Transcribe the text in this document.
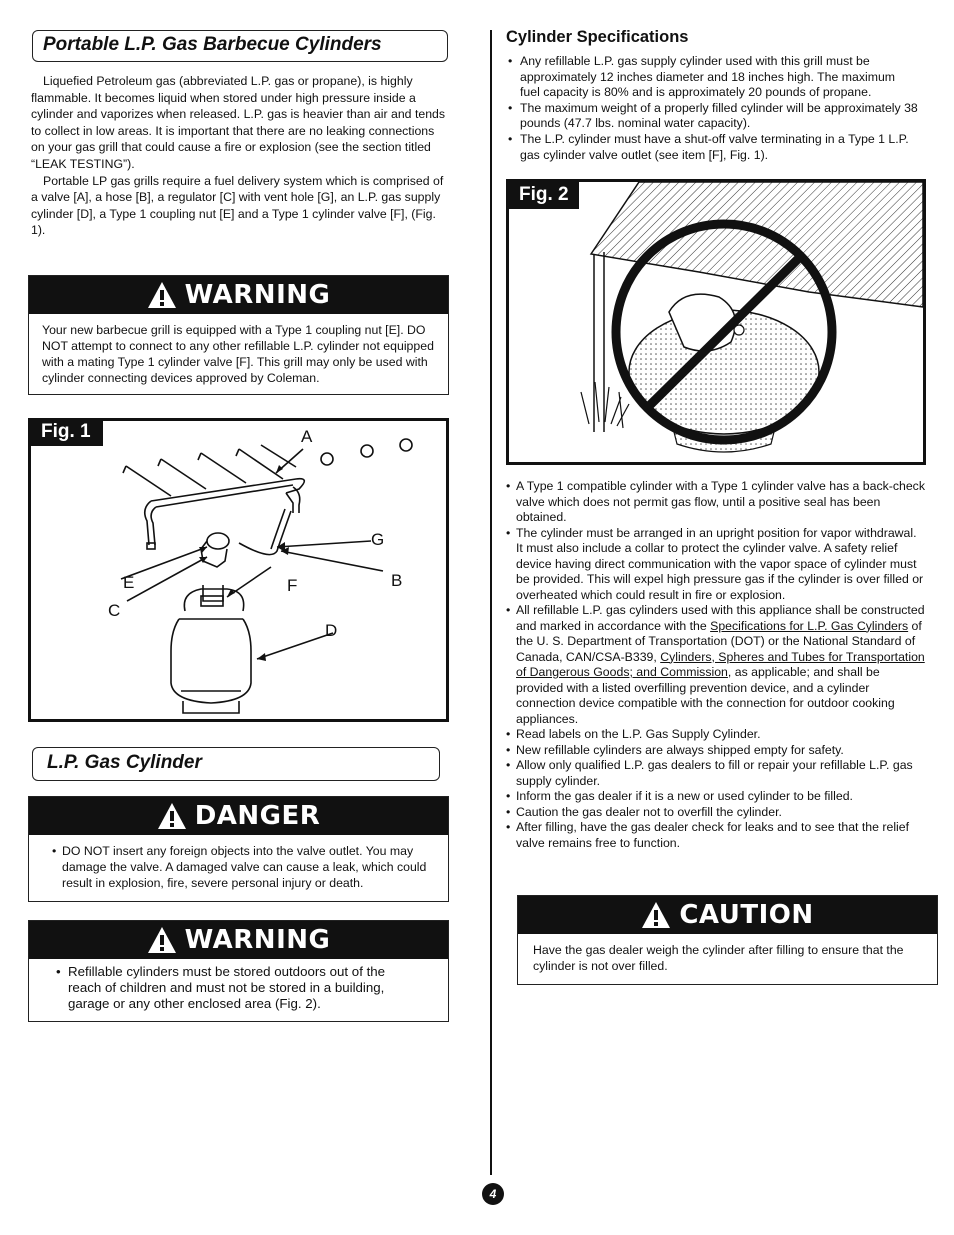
Portable L.P. Gas Barbecue Cylinders

Liquefied Petroleum gas (abbreviated L.P. gas or propane), is highly flammable. It becomes liquid when stored under high pressure inside a cylinder and vaporizes when released. L.P. gas is heavier than air and tends to collect in low areas. It is important that there are no leaking connections on your gas grill that could cause a fire or explosion (see the section titled “LEAK TESTING”).

Portable LP gas grills require a fuel delivery system which is comprised of a valve [A], a hose [B], a regulator [C] with vent hole [G], an L.P. gas supply cylinder [D], a Type 1 coupling nut [E] and a Type 1 cylinder valve [F], (Fig. 1).

WARNING
Your new barbecue grill is equipped with a Type 1 coupling nut [E]. DO NOT attempt to connect to any other refillable L.P. cylinder not equipped with a mating Type 1 cylinder valve [F]. This grill may only be used with cylinder connecting devices approved by Coleman.
Fig. 1	A
G
E	F	B
C
D
L.P. Gas Cylinder
DANGER
• DO NOT insert any foreign objects into the valve outlet. You may damage the valve. A damaged valve can cause a leak, which could result in explosion, fire, severe personal injury or death.
WARNING
• Refillable cylinders must be stored outdoors out of the reach of children and must not be stored in a building, garage or any other enclosed area (Fig. 2).
Cylinder Specifications
• Any refillable L.P. gas supply cylinder used with this grill must be approximately 12 inches diameter and 18 inches high. The maximum fuel capacity is 80% and is approximately 20 pounds of propane.
• The maximum weight of a properly filled cylinder will be approximately 38 pounds (47.7 lbs. nominal water capacity).
• The L.P. cylinder must have a shut-off valve terminating in a Type 1 L.P. gas cylinder valve outlet (see item [F], Fig. 1).
Fig. 2
• A Type 1 compatible cylinder with a Type 1 cylinder valve has a back-check valve which does not permit gas flow, until a positive seal has been obtained.
• The cylinder must be arranged in an upright position for vapor withdrawal. It must also include a collar to protect the cylinder valve. A safety relief device having direct communication with the vapor space of cylinder must be provided. This will expel high pressure gas if the cylinder is over filled or overheated which could result in fire or explosion.
• All refillable L.P. gas cylinders used with this appliance shall be constructed and marked in accordance with the Specifications for L.P. Gas Cylinders of the U. S. Department of Transportation (DOT) or the National Standard of Canada, CAN/CSA-B339, Cylinders, Spheres and Tubes for Transportation of Dangerous Goods; and Commission, as applicable; and shall be provided with a listed overfilling prevention device, and a cylinder connection device compatible with the connection for outdoor cooking appliances.
• Read labels on the L.P. Gas Supply Cylinder.
• New refillable cylinders are always shipped empty for safety.
• Allow only qualified L.P. gas dealers to fill or repair your refillable L.P. gas supply cylinder.
• Inform the gas dealer if it is a new or used cylinder to be filled.
• Caution the gas dealer not to overfill the cylinder.
• After filling, have the gas dealer check for leaks and to see that the relief valve remains free to function.
CAUTION
Have the gas dealer weigh the cylinder after filling to ensure that the cylinder is not over filled.
4
